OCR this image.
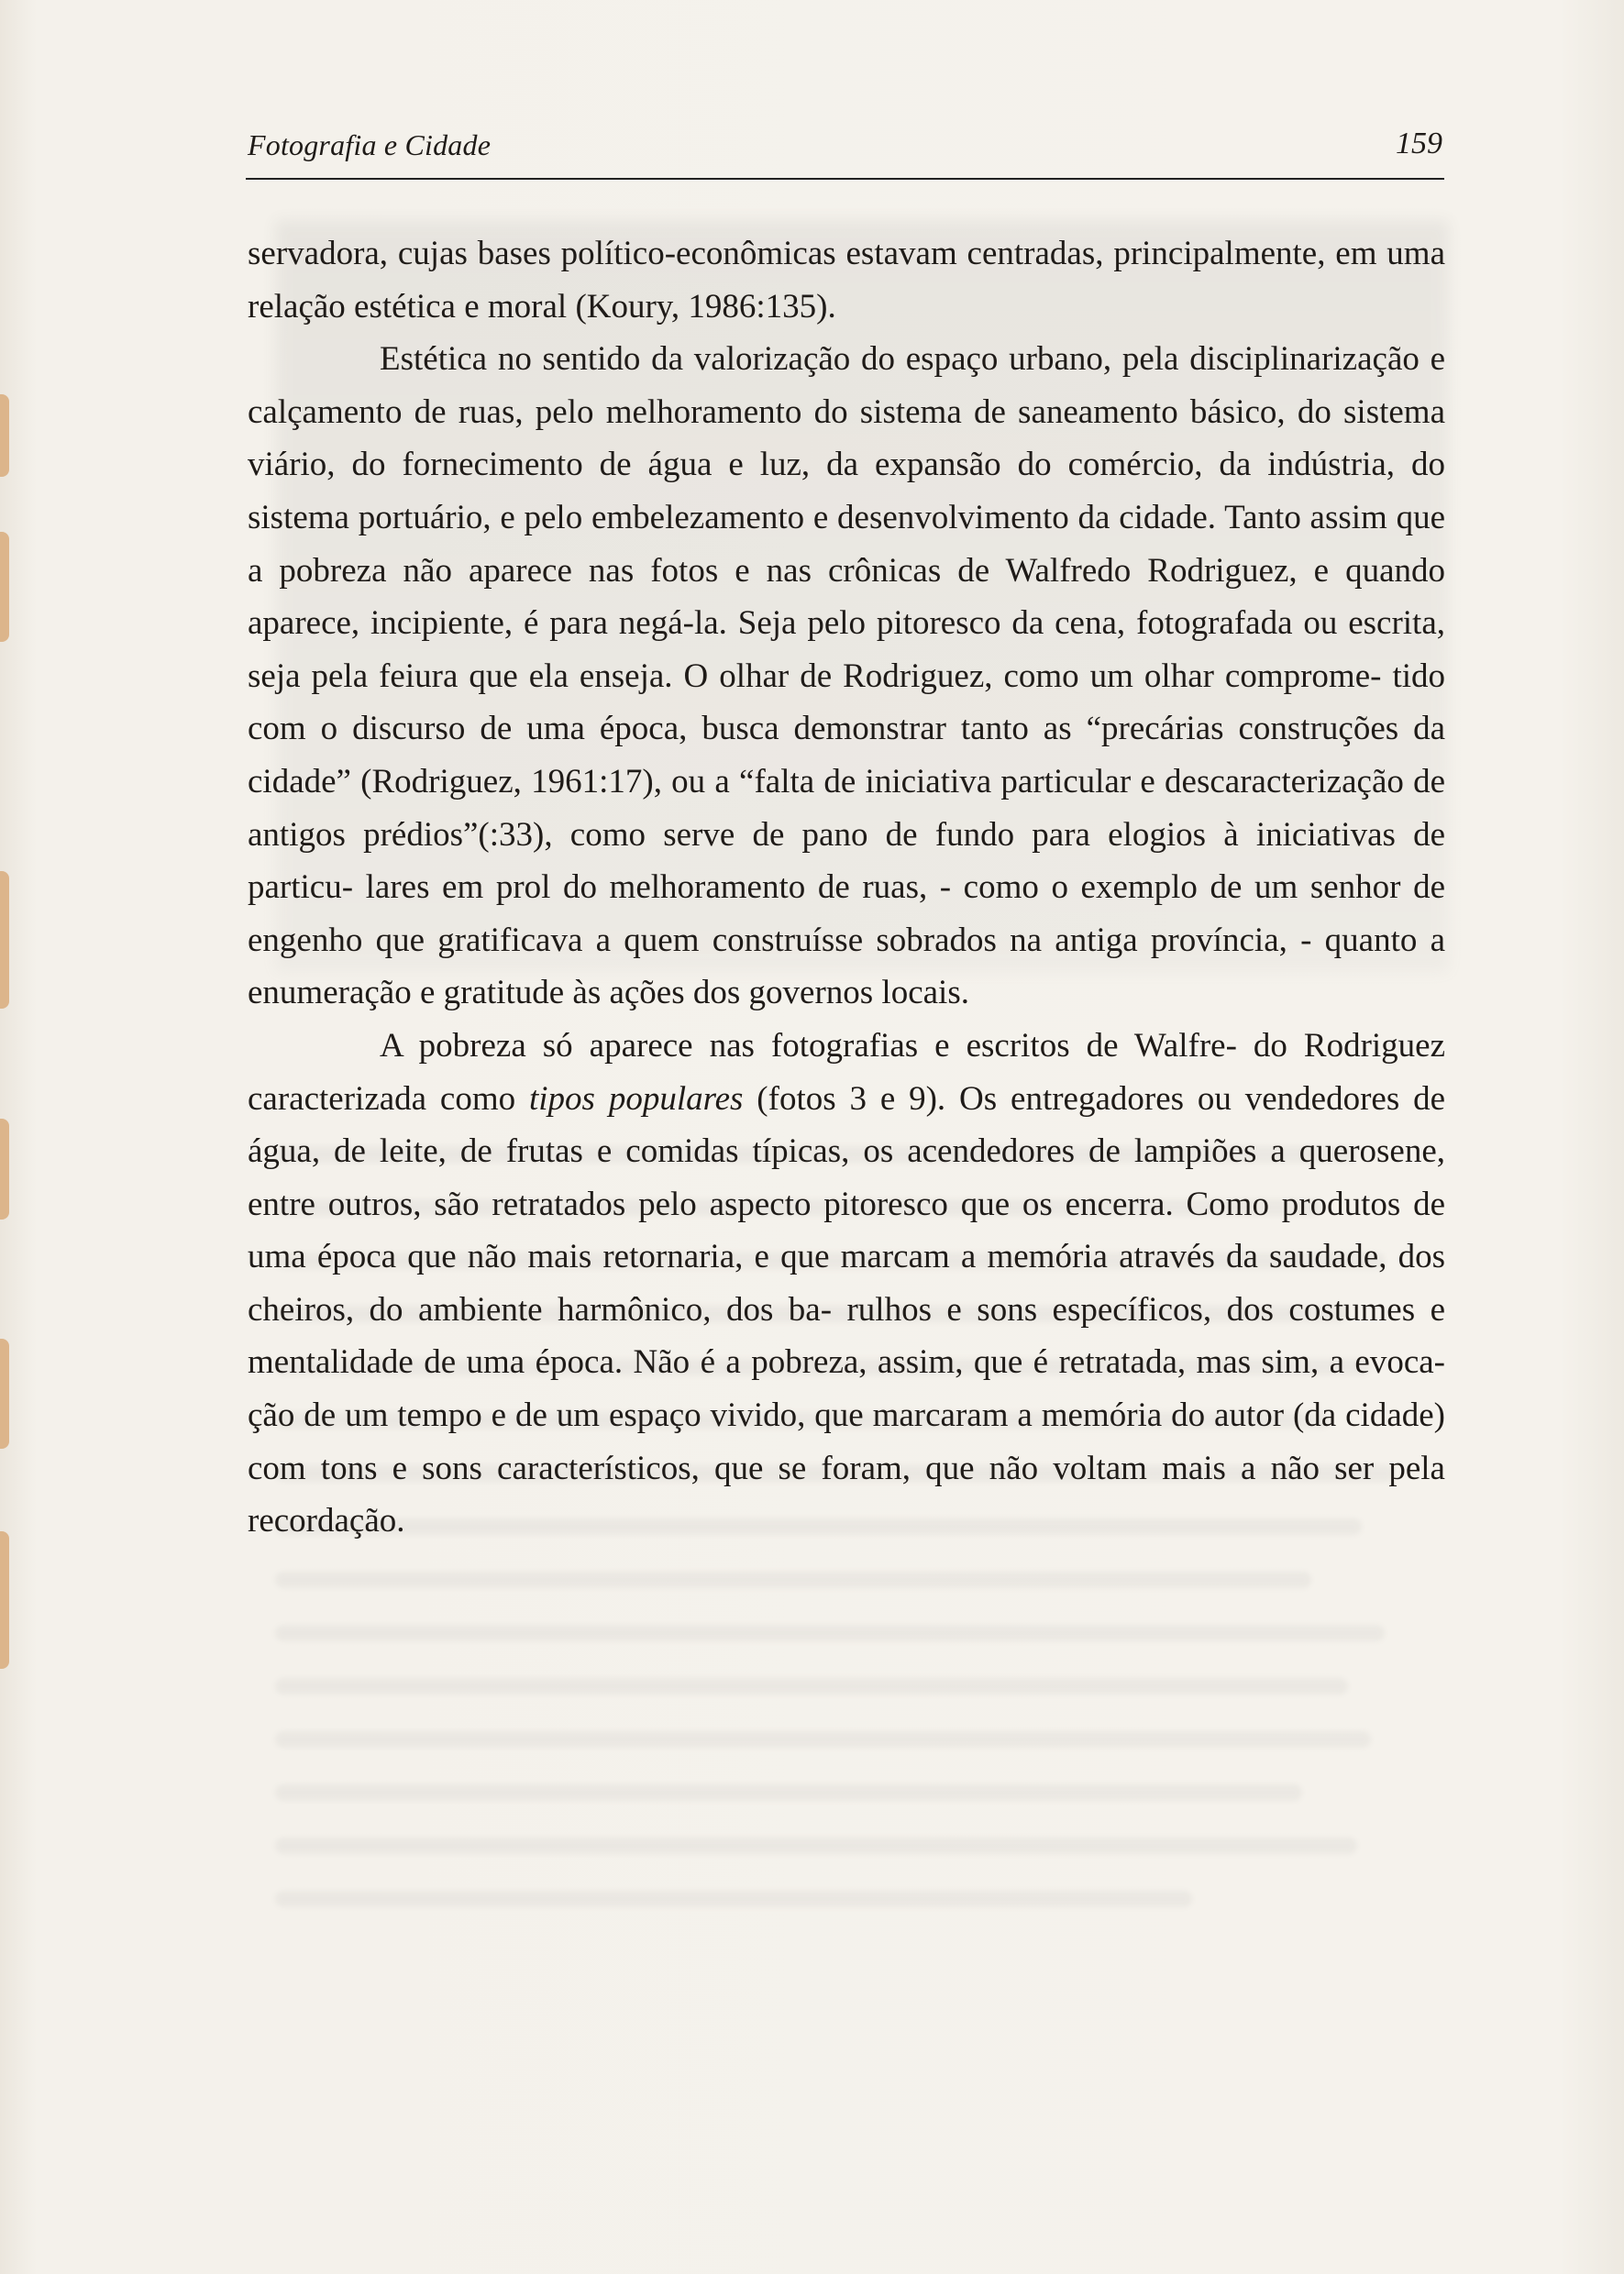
Fotografia e Cidade	159

servadora, cujas bases político-econômicas estavam centradas, principalmente, em uma relação estética e moral (Koury, 1986:135).

Estética no sentido da valorização do espaço urbano, pela disciplinarização e calçamento de ruas, pelo melhoramento do sistema de saneamento básico, do sistema viário, do fornecimento de água e luz, da expansão do comércio, da indústria, do sistema portuário, e pelo embelezamento e desenvolvimento da cidade. Tanto assim que a pobreza não aparece nas fotos e nas crônicas de Walfredo Rodriguez, e quando aparece, incipiente, é para negá-la. Seja pelo pitoresco da cena, fotografada ou escrita, seja pela feiura que ela enseja. O olhar de Rodriguez, como um olhar comprome- tido com o discurso de uma época, busca demonstrar tanto as “precárias construções da cidade” (Rodriguez, 1961:17), ou a “falta de iniciativa particular e descaracterização de antigos prédios”(:33), como serve de pano de fundo para elogios à iniciativas de particu- lares em prol do melhoramento de ruas, - como o exemplo de um senhor de engenho que gratificava a quem construísse sobrados na antiga província, - quanto a enumeração e gratitude às ações dos governos locais.

A pobreza só aparece nas fotografias e escritos de Walfre- do Rodriguez caracterizada como tipos populares (fotos 3 e 9). Os entregadores ou vendedores de água, de leite, de frutas e comidas típicas, os acendedores de lampiões a querosene, entre outros, são retratados pelo aspecto pitoresco que os encerra. Como produtos de uma época que não mais retornaria, e que marcam a memória através da saudade, dos cheiros, do ambiente harmônico, dos ba- rulhos e sons específicos, dos costumes e mentalidade de uma época. Não é a pobreza, assim, que é retratada, mas sim, a evoca- ção de um tempo e de um espaço vivido, que marcaram a memória do autor (da cidade) com tons e sons característicos, que se foram, que não voltam mais a não ser pela recordação.
